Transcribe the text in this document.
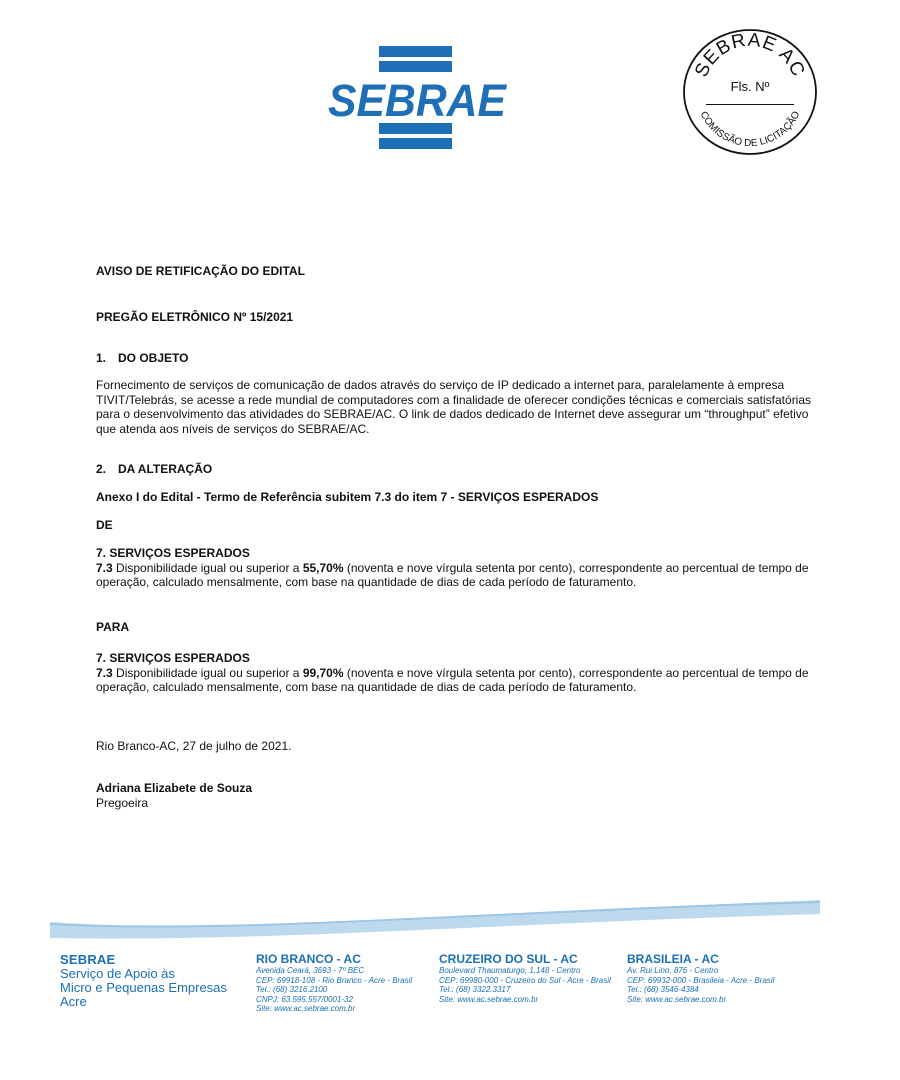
SEBRAE
SEBRAE AC
COMISSÃO DE LICITAÇÃO
Fls. Nº

AVISO DE RETIFICAÇÃO DO EDITAL

PREGÃO ELETRÔNICO Nº 15/2021

1. DO OBJETO

Fornecimento de serviços de comunicação de dados através do serviço de IP dedicado a internet para, paralelamente à empresa TIVIT/Telebrás, se acesse a rede mundial de computadores com a finalidade de oferecer condições técnicas e comerciais satisfatórias para o desenvolvimento das atividades do SEBRAE/AC. O link de dados dedicado de Internet deve assegurar um “throughput” efetivo que atenda aos níveis de serviços do SEBRAE/AC.

2. DA ALTERAÇÃO

Anexo I do Edital - Termo de Referência subitem 7.3 do item 7 - SERVIÇOS ESPERADOS

DE

7. SERVIÇOS ESPERADOS

7.3 Disponibilidade igual ou superior a 55,70% (noventa e nove vírgula setenta por cento), correspondente ao percentual de tempo de operação, calculado mensalmente, com base na quantidade de dias de cada período de faturamento.

PARA

7. SERVIÇOS ESPERADOS

7.3 Disponibilidade igual ou superior a 99,70% (noventa e nove vírgula setenta por cento), correspondente ao percentual de tempo de operação, calculado mensalmente, com base na quantidade de dias de cada período de faturamento.

Rio Branco-AC, 27 de julho de 2021.

Adriana Elizabete de Souza

Pregoeira

SEBRAE
Serviço de Apoio às
Micro e Pequenas Empresas
Acre
RIO BRANCO - AC
Avenida Ceará, 3693 - 7º BEC
CEP: 69918-108 - Rio Branco - Acre - Brasil
Tel.: (68) 3216.2100
CNPJ: 63.595.557/0001-32
Site: www.ac.sebrae.com.br
CRUZEIRO DO SUL - AC
Boulevard Thaumaturgo, 1.148 - Centro
CEP: 69980-000 - Cruzeiro do Sul - Acre - Brasil
Tel.: (68) 3322.3317
Site: www.ac.sebrae.com.br
BRASILEIA - AC
Av. Rui Lino, 876 - Centro
CEP: 69932-000 - Brasileia - Acre - Brasil
Tel.: (68) 3546-4384
Site: www.ac.sebrae.com.br
